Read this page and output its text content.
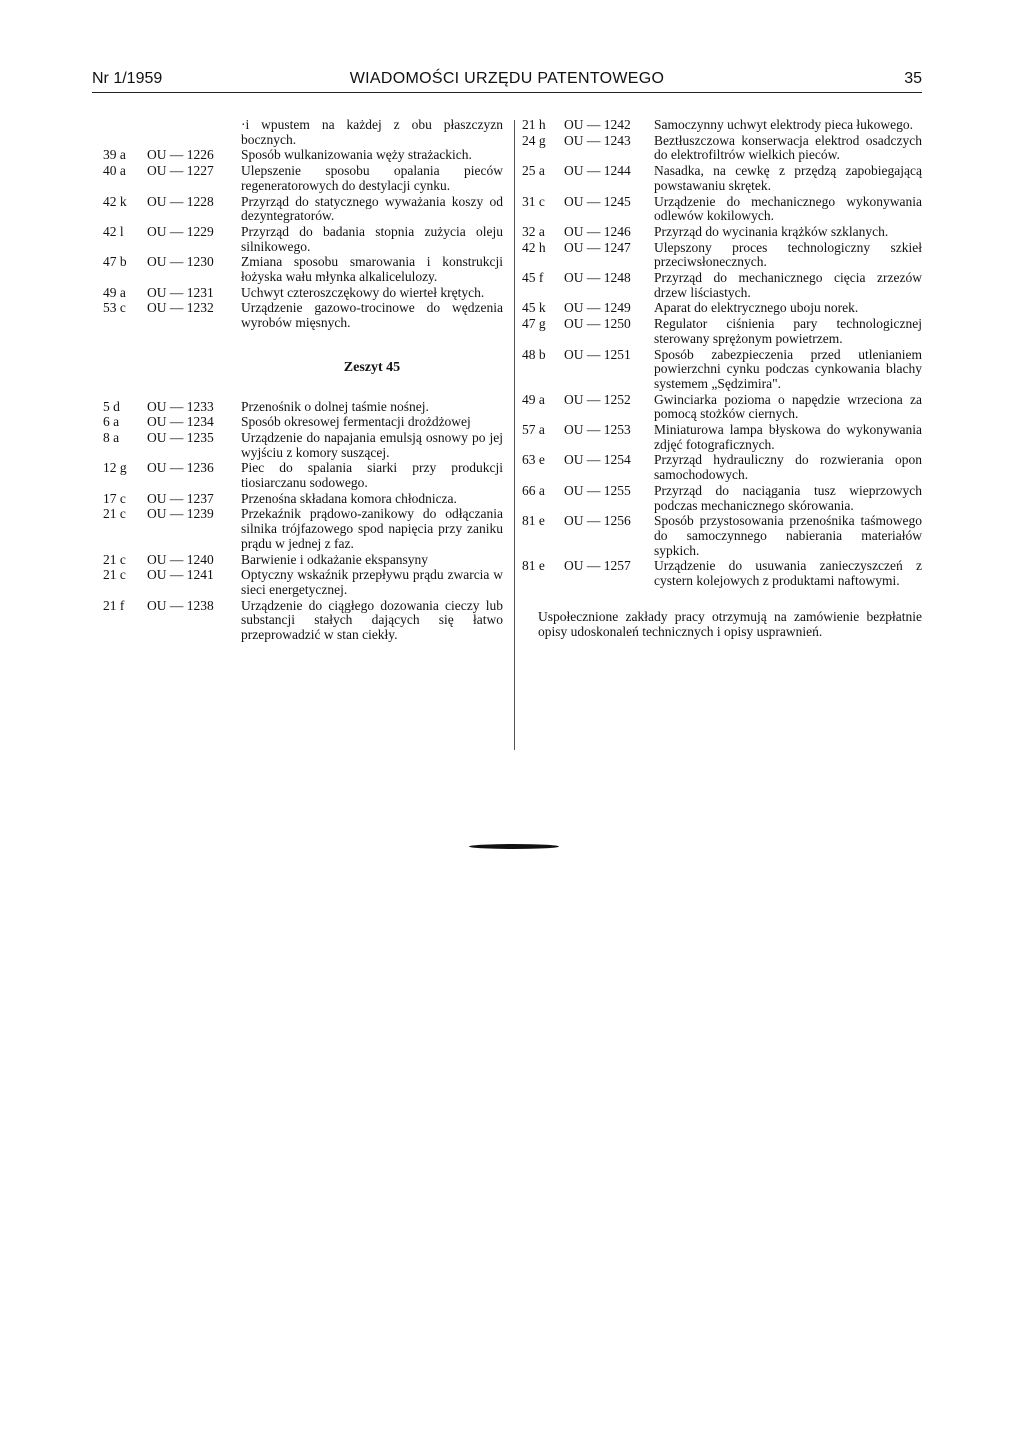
Nr 1/1959	WIADOMOŚCI URZĘDU PATENTOWEGO	35
·i wpustem na każdej z obu płaszczyzn bocznych.
39 a	OU — 1226	Sposób wulkanizowania węży strażackich.
40 a	OU — 1227	Ulepszenie sposobu opalania pieców regeneratorowych do destylacji cynku.
42 k	OU — 1228	Przyrząd do statycznego wyważania koszy od dezyntegratorów.
42 l	OU — 1229	Przyrząd do badania stopnia zużycia oleju silnikowego.
47 b	OU — 1230	Zmiana sposobu smarowania i konstrukcji łożyska wału młynka alkalicelulozy.
49 a	OU — 1231	Uchwyt czteroszczękowy do wierteł krętych.
53 c	OU — 1232	Urządzenie gazowo-trocinowe do wędzenia wyrobów mięsnych.
Zeszyt 45
5 d	OU — 1233	Przenośnik o dolnej taśmie nośnej.
6 a	OU — 1234	Sposób okresowej fermentacji drożdżowej
8 a	OU — 1235	Urządzenie do napajania emulsją osnowy po jej wyjściu z komory suszącej.
12 g	OU — 1236	Piec do spalania siarki przy produkcji tiosiarczanu sodowego.
17 c	OU — 1237	Przenośna składana komora chłodnicza.
21 c	OU — 1239	Przekaźnik prądowo-zanikowy do odłączania silnika trójfazowego spod napięcia przy zaniku prądu w jednej z faz.
21 c	OU — 1240	Barwienie i odkażanie ekspansyny
21 c	OU — 1241	Optyczny wskaźnik przepływu prądu zwarcia w sieci energetycznej.
21 f	OU — 1238	Urządzenie do ciągłego dozowania cieczy lub substancji stałych dających się łatwo przeprowadzić w stan ciekły.
21 h	OU — 1242	Samoczynny uchwyt elektrody pieca łukowego.
24 g	OU — 1243	Beztłuszczowa konserwacja elektrod osadczych do elektrofiltrów wielkich pieców.
25 a	OU — 1244	Nasadka, na cewkę z przędzą zapobiegającą powstawaniu skrętek.
31 c	OU — 1245	Urządzenie do mechanicznego wykonywania odlewów kokilowych.
32 a	OU — 1246	Przyrząd do wycinania krążków szklanych.
42 h	OU — 1247	Ulepszony proces technologiczny szkieł przeciwsłonecznych.
45 f	OU — 1248	Przyrząd do mechanicznego cięcia zrzezów drzew liściastych.
45 k	OU — 1249	Aparat do elektrycznego uboju norek.
47 g	OU — 1250	Regulator ciśnienia pary technologicznej sterowany sprężonym powietrzem.
48 b	OU — 1251	Sposób zabezpieczenia przed utlenianiem powierzchni cynku podczas cynkowania blachy systemem „Sędzimira".
49 a	OU — 1252	Gwinciarka poziomа o napędzie wrzeciona za pomocą stożków ciernych.
57 a	OU — 1253	Miniaturowa lampa błyskowa do wykonywania zdjęć fotograficznych.
63 e	OU — 1254	Przyrząd hydrauliczny do rozwierania opon samochodowych.
66 a	OU — 1255	Przyrząd do naciągania tusz wieprzowych podczas mechanicznego skórowania.
81 e	OU — 1256	Sposób przystosowania przenośnika taśmowego do samoczynnego nabierania materiałów sypkich.
81 e	OU — 1257	Urządzenie do usuwania zanieczyszczeń z cystern kolejowych z produktami naftowymi.
Uspołecznione zakłady pracy otrzymują na zamówienie bezpłatnie opisy udoskonaleń technicznych i opisy usprawnień.
